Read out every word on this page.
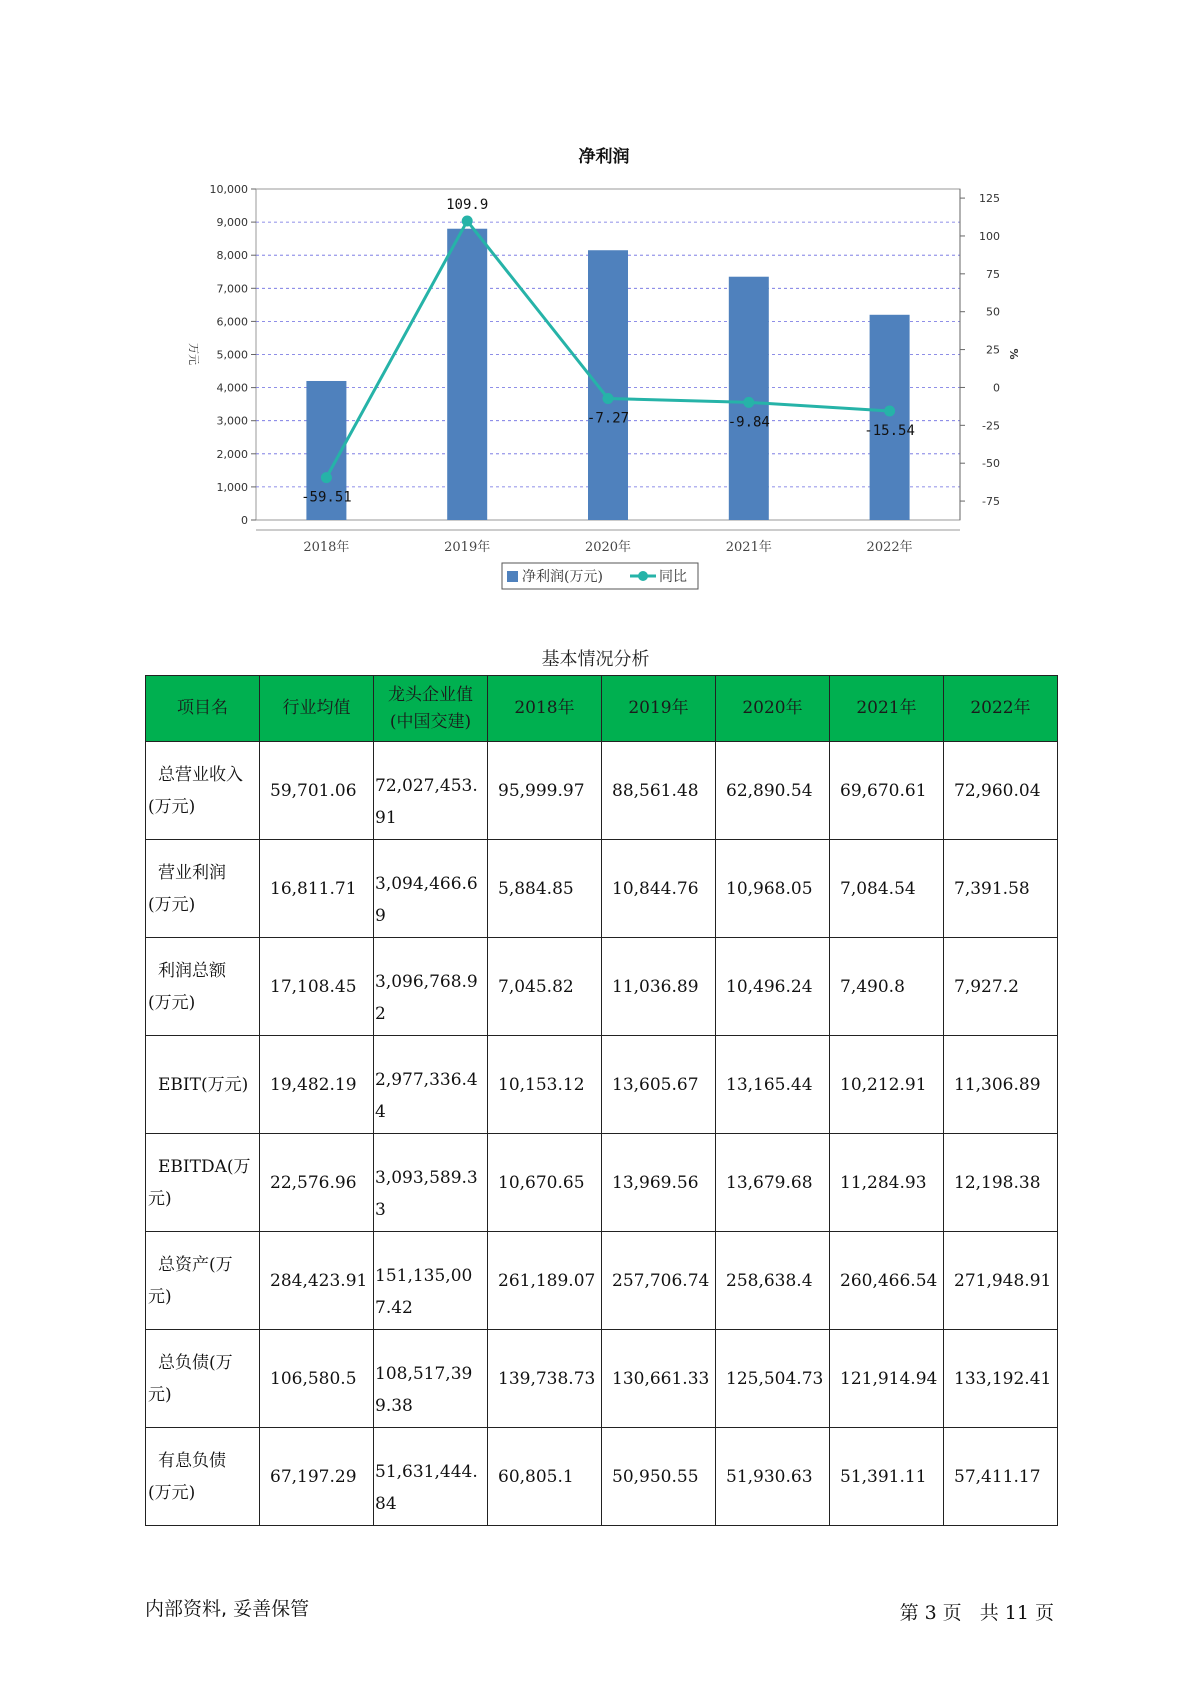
净利润
0
1,000
2,000
3,000
4,000
5,000
6,000
7,000
8,000
9,000
10,000
-75
-50
-25
0
25
50
75
100
125
万元	%
2018年	2019年	2020年	2021年	2022年
-59.51
109.9
-7.27	-9.84
-15.54
净利润(万元)	同比
基本情况分析
项目名	行业均值	龙头企业值
(中国交建)	2018年	2019年	2020年	2021年	2022年

总营业收入
(万元)	59,701.06	72,027,453.91	95,999.97	88,561.48	62,890.54	69,670.61	72,960.04

营业利润
(万元)	16,811.71	3,094,466.69	5,884.85	10,844.76	10,968.05	7,084.54	7,391.58

利润总额
(万元)	17,108.45	3,096,768.92	7,045.82	11,036.89	10,496.24	7,490.8	7,927.2

EBIT(万元)	19,482.19	2,977,336.44	10,153.12	13,605.67	13,165.44	10,212.91	11,306.89

EBITDA(万
元)	22,576.96	3,093,589.33	10,670.65	13,969.56	13,679.68	11,284.93	12,198.38

总资产(万
元)	284,423.91	151,135,007.42	261,189.07	257,706.74	258,638.4	260,466.54	271,948.91

总负债(万
元)	106,580.5	108,517,399.38	139,738.73	130,661.33	125,504.73	121,914.94	133,192.41

有息负债
(万元)	67,197.29	51,631,444.84	60,805.1	50,950.55	51,930.63	51,391.11	57,411.17
内部资料, 妥善保管	第 3 页 共 11 页
